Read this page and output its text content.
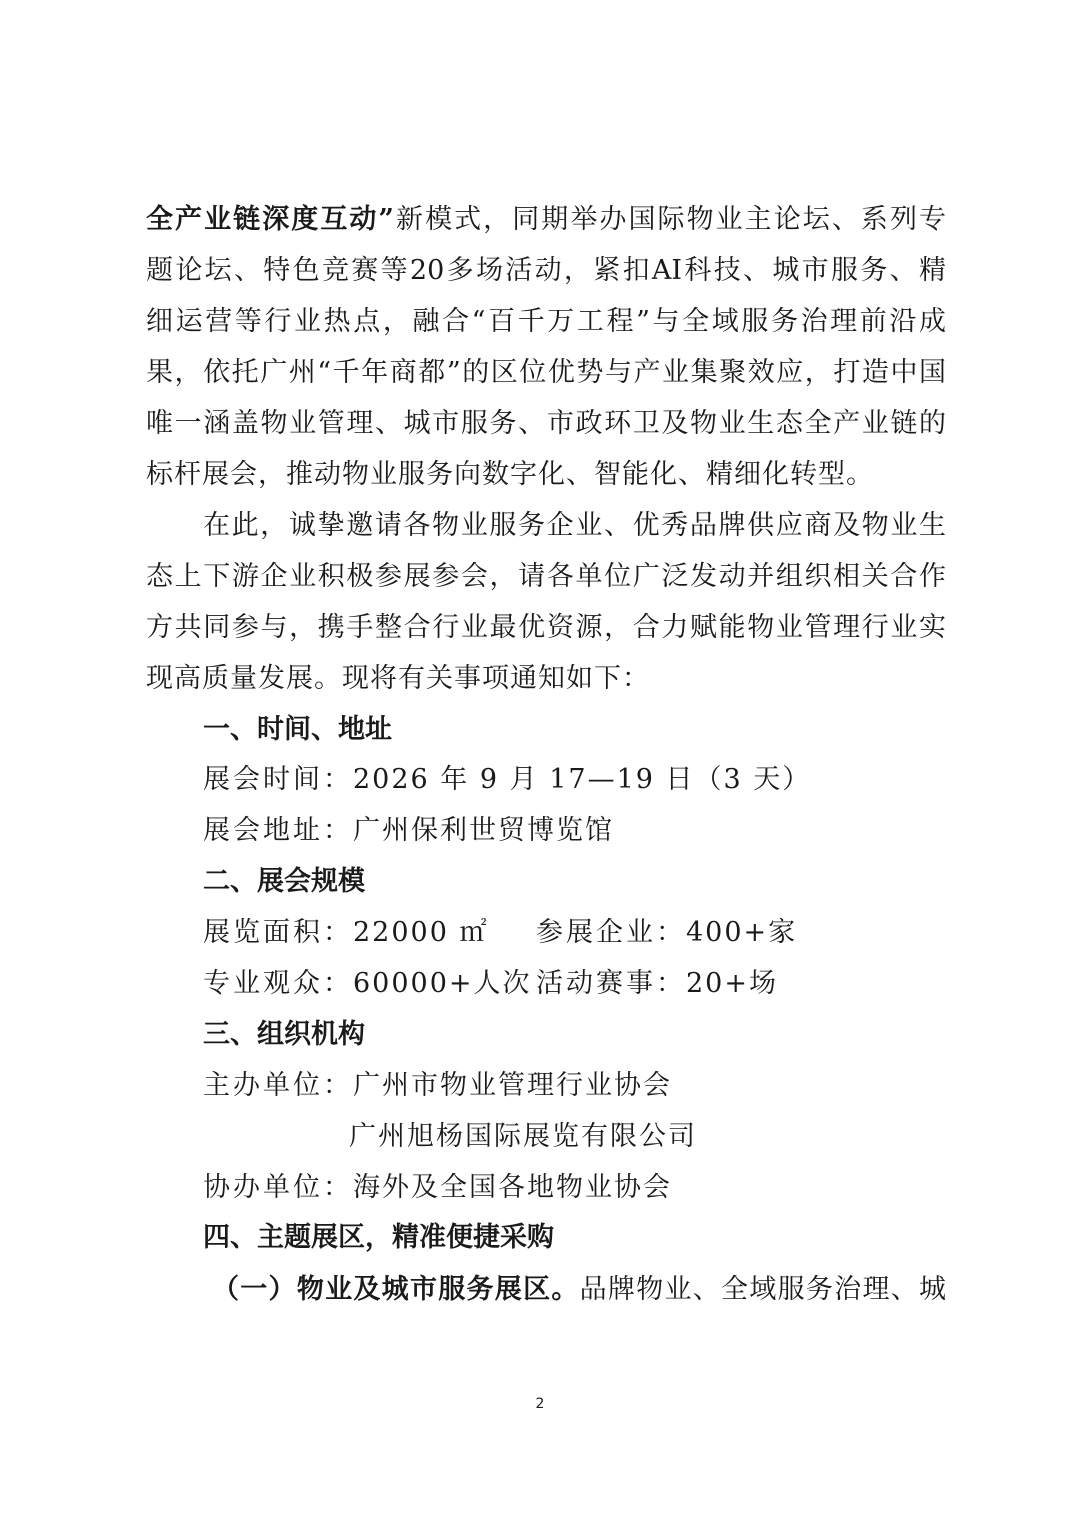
全产业链深度互动”新模式，同期举办国际物业主论坛、系列专
题论坛、特色竞赛等20多场活动，紧扣AI科技、城市服务、精
细运营等行业热点，融合“百千万工程”与全域服务治理前沿成
果，依托广州“千年商都”的区位优势与产业集聚效应，打造中国
唯一涵盖物业管理、城市服务、市政环卫及物业生态全产业链的
标杆展会，推动物业服务向数字化、智能化、精细化转型。
在此，诚挚邀请各物业服务企业、优秀品牌供应商及物业生
态上下游企业积极参展参会，请各单位广泛发动并组织相关合作
方共同参与，携手整合行业最优资源，合力赋能物业管理行业实
现高质量发展。现将有关事项通知如下：
一、时间、地址
展会时间：2026 年 9 月 17—19 日（3 天）
展会地址：广州保利世贸博览馆
二、展会规模
展览面积：22000 ㎡ 参展企业：400+家
专业观众：60000+人次 活动赛事：20+场
三、组织机构
主办单位：广州市物业管理行业协会
广州旭杨国际展览有限公司
协办单位：海外及全国各地物业协会
四、主题展区，精准便捷采购
（一）物业及城市服务展区。品牌物业、全域服务治理、城
2
